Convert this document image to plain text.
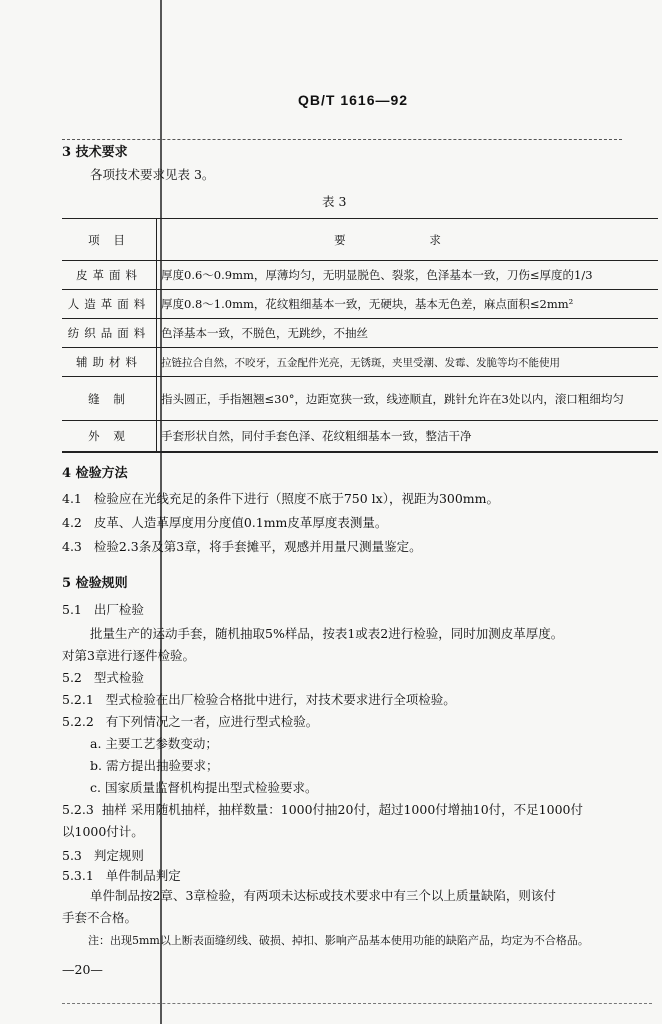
QB/T 1616—92
3 技术要求
各项技术要求见表 3。
表 3
项 目	要 求
皮革面料	厚度0.6～0.9mm，厚薄均匀，无明显脱色、裂浆，色泽基本一致，刀伤≤厚度的1/3
人造革面料	厚度0.8～1.0mm，花纹粗细基本一致，无硬块，基本无色差，麻点面积≤2mm²
纺织品面料	色泽基本一致，不脱色，无跳纱，不抽丝
辅助材料	拉链拉合自然，不咬牙，五金配件光亮，无锈斑，夹里受潮、发霉、发脆等均不能使用
缝 制	指头圆正，手指翘翘≤30°，边距宽狭一致，线迹顺直，跳针允许在3处以内，滚口粗细均匀
外 观	手套形状自然，同付手套色泽、花纹粗细基本一致，整洁干净
4 检验方法
4.1 检验应在光线充足的条件下进行（照度不底于750 lx），视距为300mm。
4.2 皮革、人造革厚度用分度值0.1mm皮革厚度表测量。
4.3 检验2.3条及第3章，将手套摊平，观感并用量尺测量鉴定。
5 检验规则
5.1 出厂检验
批量生产的运动手套，随机抽取5%样品，按表1或表2进行检验，同时加测皮革厚度。
对第3章进行逐件检验。
5.2 型式检验
5.2.1 型式检验在出厂检验合格批中进行，对技术要求进行全项检验。
5.2.2 有下列情况之一者，应进行型式检验。
a. 主要工艺参数变动；
b. 需方提出抽验要求；
c. 国家质量监督机构提出型式检验要求。
5.2.3 抽样 采用随机抽样，抽样数量：1000付抽20付，超过1000付增抽10付，不足1000付
以1000付计。
5.3 判定规则
5.3.1 单件制品判定
单件制品按2章、3章检验，有两项未达标或技术要求中有三个以上质量缺陷，则该付
手套不合格。
注：出现5mm以上断表面缝纫线、破损、掉扣、影响产品基本使用功能的缺陷产品，均定为不合格品。
—20—
